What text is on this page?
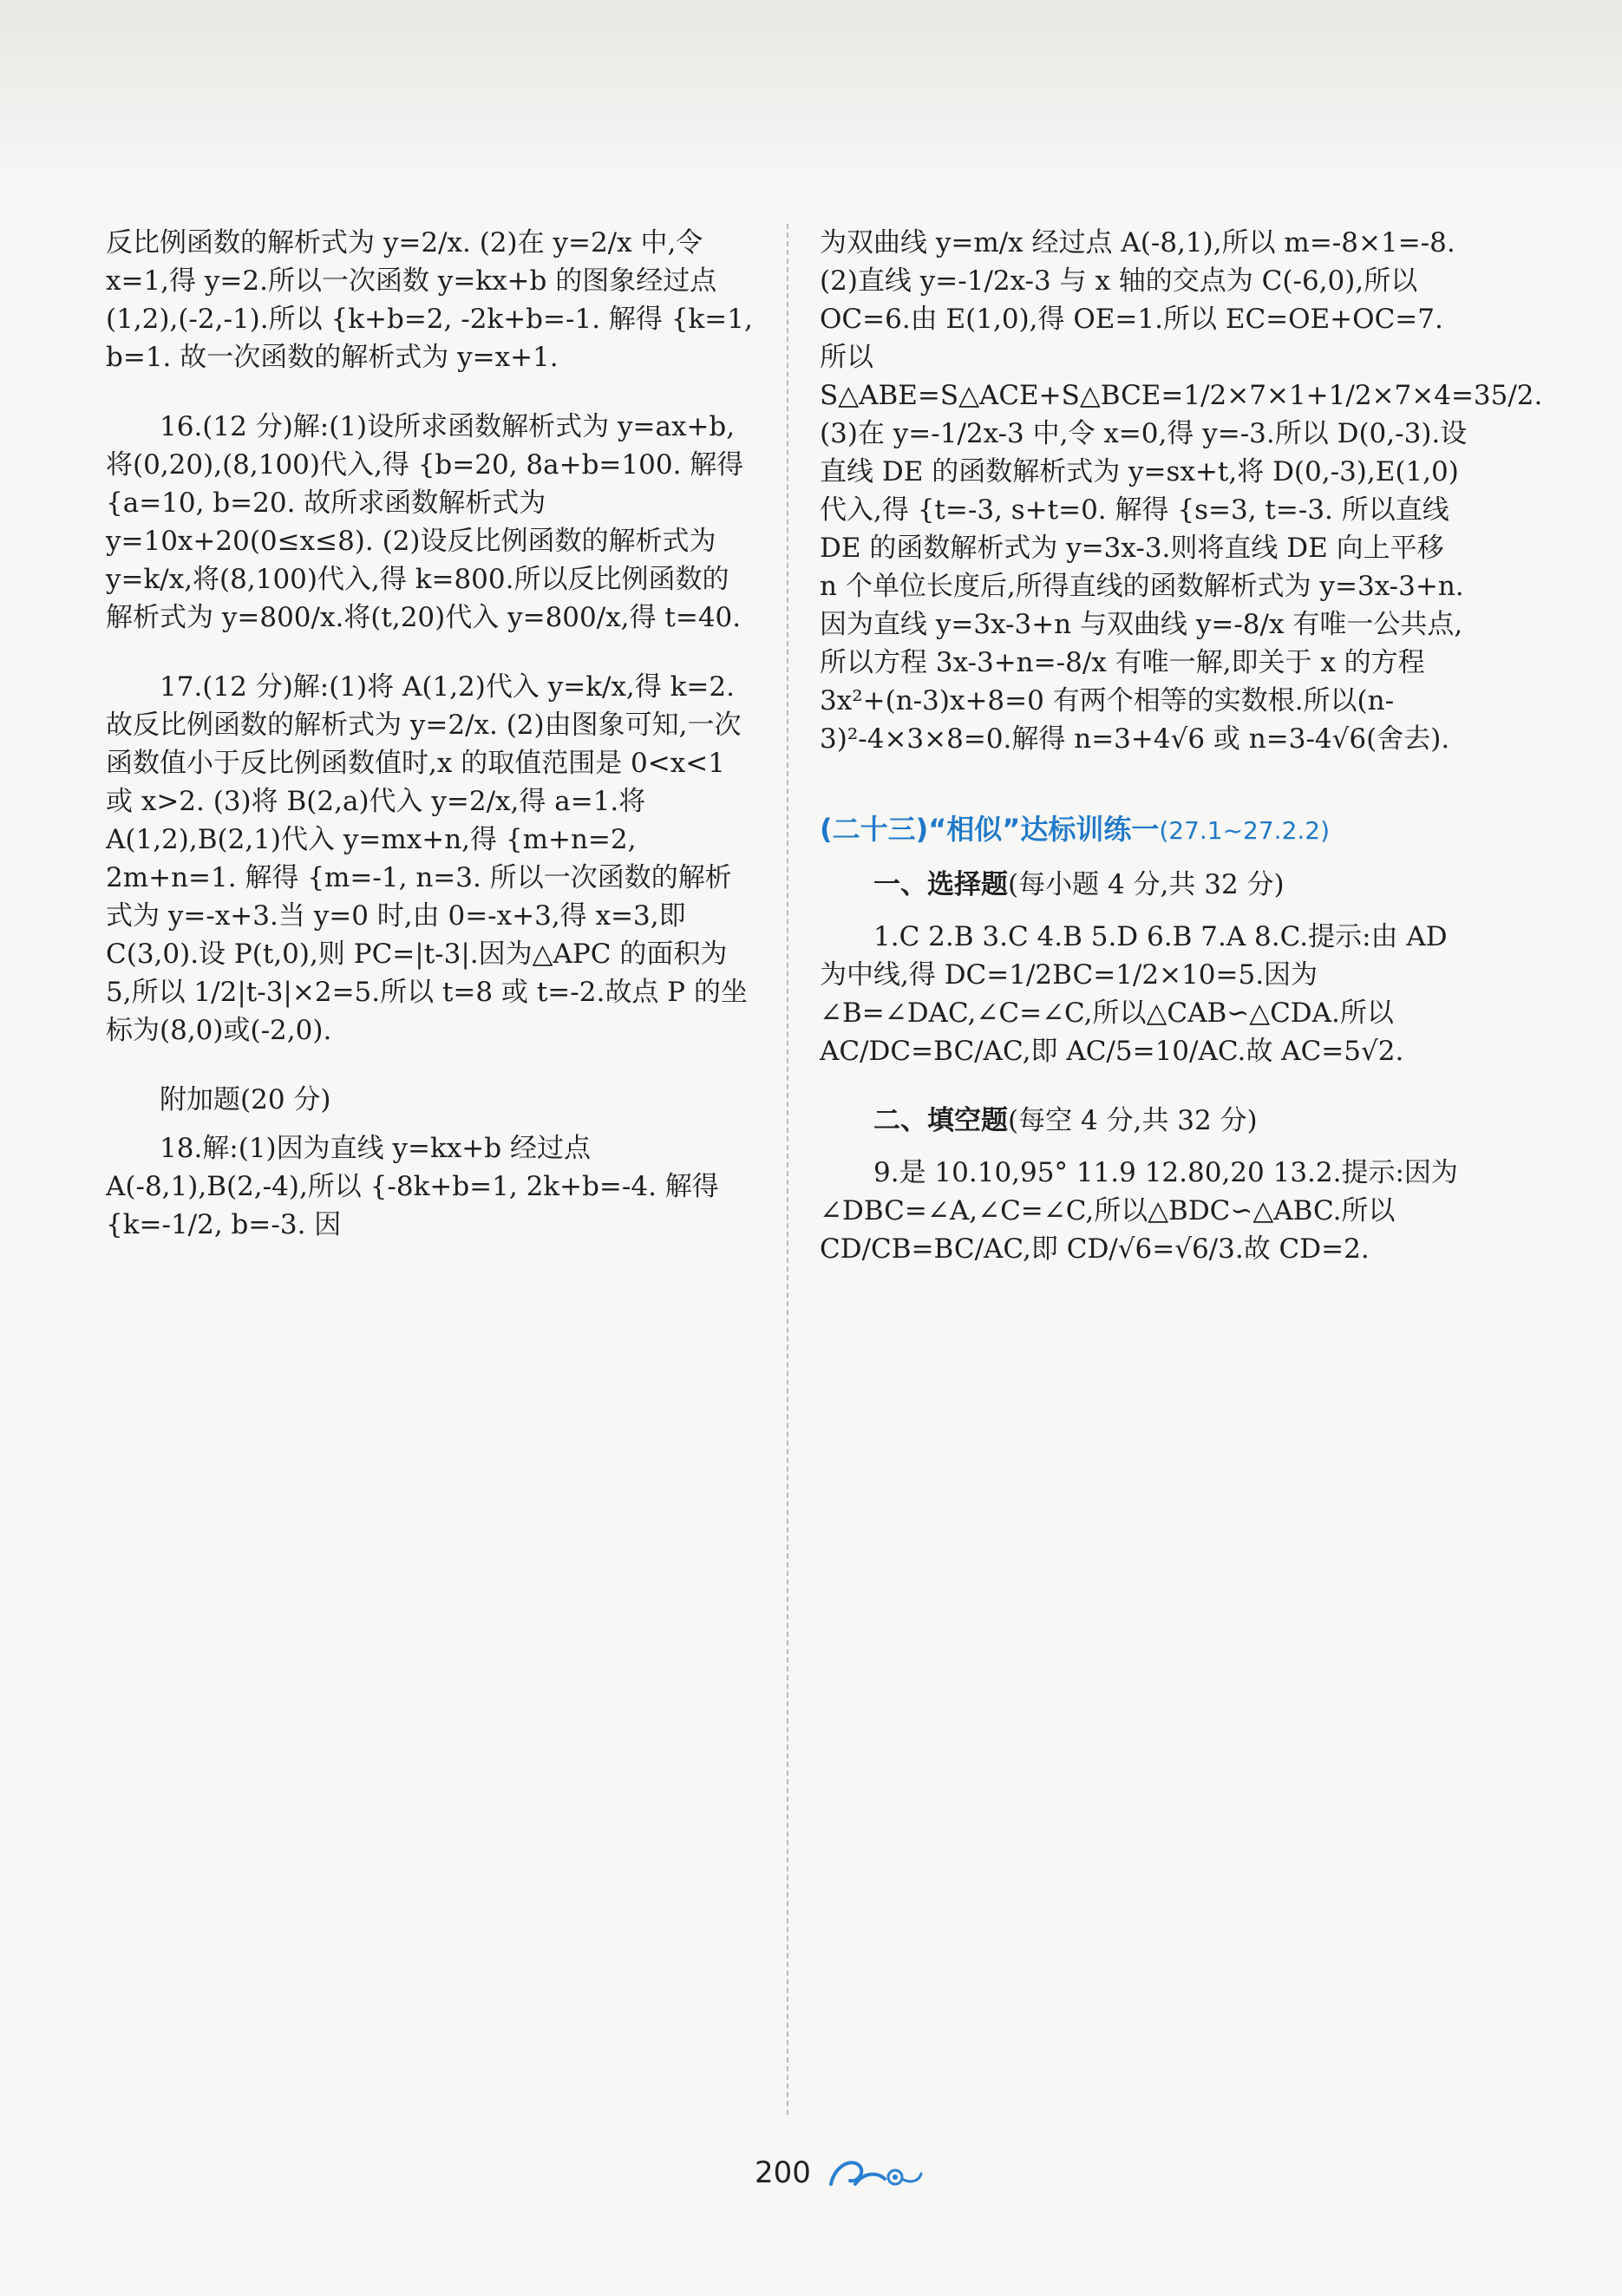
反比例函数的解析式为 y=2/x. (2)在 y=2/x 中,令 x=1,得 y=2.所以一次函数 y=kx+b 的图象经过点(1,2),(-2,-1).所以 {k+b=2, -2k+b=-1. 解得 {k=1, b=1. 故一次函数的解析式为 y=x+1.

16.(12 分)解:(1)设所求函数解析式为 y=ax+b,将(0,20),(8,100)代入,得 {b=20, 8a+b=100. 解得 {a=10, b=20. 故所求函数解析式为 y=10x+20(0≤x≤8). (2)设反比例函数的解析式为 y=k/x,将(8,100)代入,得 k=800.所以反比例函数的解析式为 y=800/x.将(t,20)代入 y=800/x,得 t=40.

17.(12 分)解:(1)将 A(1,2)代入 y=k/x,得 k=2.故反比例函数的解析式为 y=2/x. (2)由图象可知,一次函数值小于反比例函数值时,x 的取值范围是 0<x<1 或 x>2. (3)将 B(2,a)代入 y=2/x,得 a=1.将 A(1,2),B(2,1)代入 y=mx+n,得 {m+n=2, 2m+n=1. 解得 {m=-1, n=3. 所以一次函数的解析式为 y=-x+3.当 y=0 时,由 0=-x+3,得 x=3,即 C(3,0).设 P(t,0),则 PC=|t-3|.因为△APC 的面积为 5,所以 1/2|t-3|×2=5.所以 t=8 或 t=-2.故点 P 的坐标为(8,0)或(-2,0).

附加题(20 分)

18.解:(1)因为直线 y=kx+b 经过点 A(-8,1),B(2,-4),所以 {-8k+b=1, 2k+b=-4. 解得 {k=-1/2, b=-3. 因

为双曲线 y=m/x 经过点 A(-8,1),所以 m=-8×1=-8. (2)直线 y=-1/2x-3 与 x 轴的交点为 C(-6,0),所以 OC=6.由 E(1,0),得 OE=1.所以 EC=OE+OC=7.所以 S△ABE=S△ACE+S△BCE=1/2×7×1+1/2×7×4=35/2. (3)在 y=-1/2x-3 中,令 x=0,得 y=-3.所以 D(0,-3).设直线 DE 的函数解析式为 y=sx+t,将 D(0,-3),E(1,0)代入,得 {t=-3, s+t=0. 解得 {s=3, t=-3. 所以直线 DE 的函数解析式为 y=3x-3.则将直线 DE 向上平移 n 个单位长度后,所得直线的函数解析式为 y=3x-3+n.因为直线 y=3x-3+n 与双曲线 y=-8/x 有唯一公共点,所以方程 3x-3+n=-8/x 有唯一解,即关于 x 的方程 3x²+(n-3)x+8=0 有两个相等的实数根.所以(n-3)²-4×3×8=0.解得 n=3+4√6 或 n=3-4√6(舍去).

(二十三)“相似”达标训练一(27.1~27.2.2)

一、选择题(每小题 4 分,共 32 分)

1.C 2.B 3.C 4.B 5.D 6.B 7.A 8.C.提示:由 AD 为中线,得 DC=1/2BC=1/2×10=5.因为∠B=∠DAC,∠C=∠C,所以△CAB∽△CDA.所以 AC/DC=BC/AC,即 AC/5=10/AC.故 AC=5√2.

二、填空题(每空 4 分,共 32 分)

9.是 10.10,95° 11.9 12.80,20 13.2.提示:因为∠DBC=∠A,∠C=∠C,所以△BDC∽△ABC.所以 CD/CB=BC/AC,即 CD/√6=√6/3.故 CD=2.

200
